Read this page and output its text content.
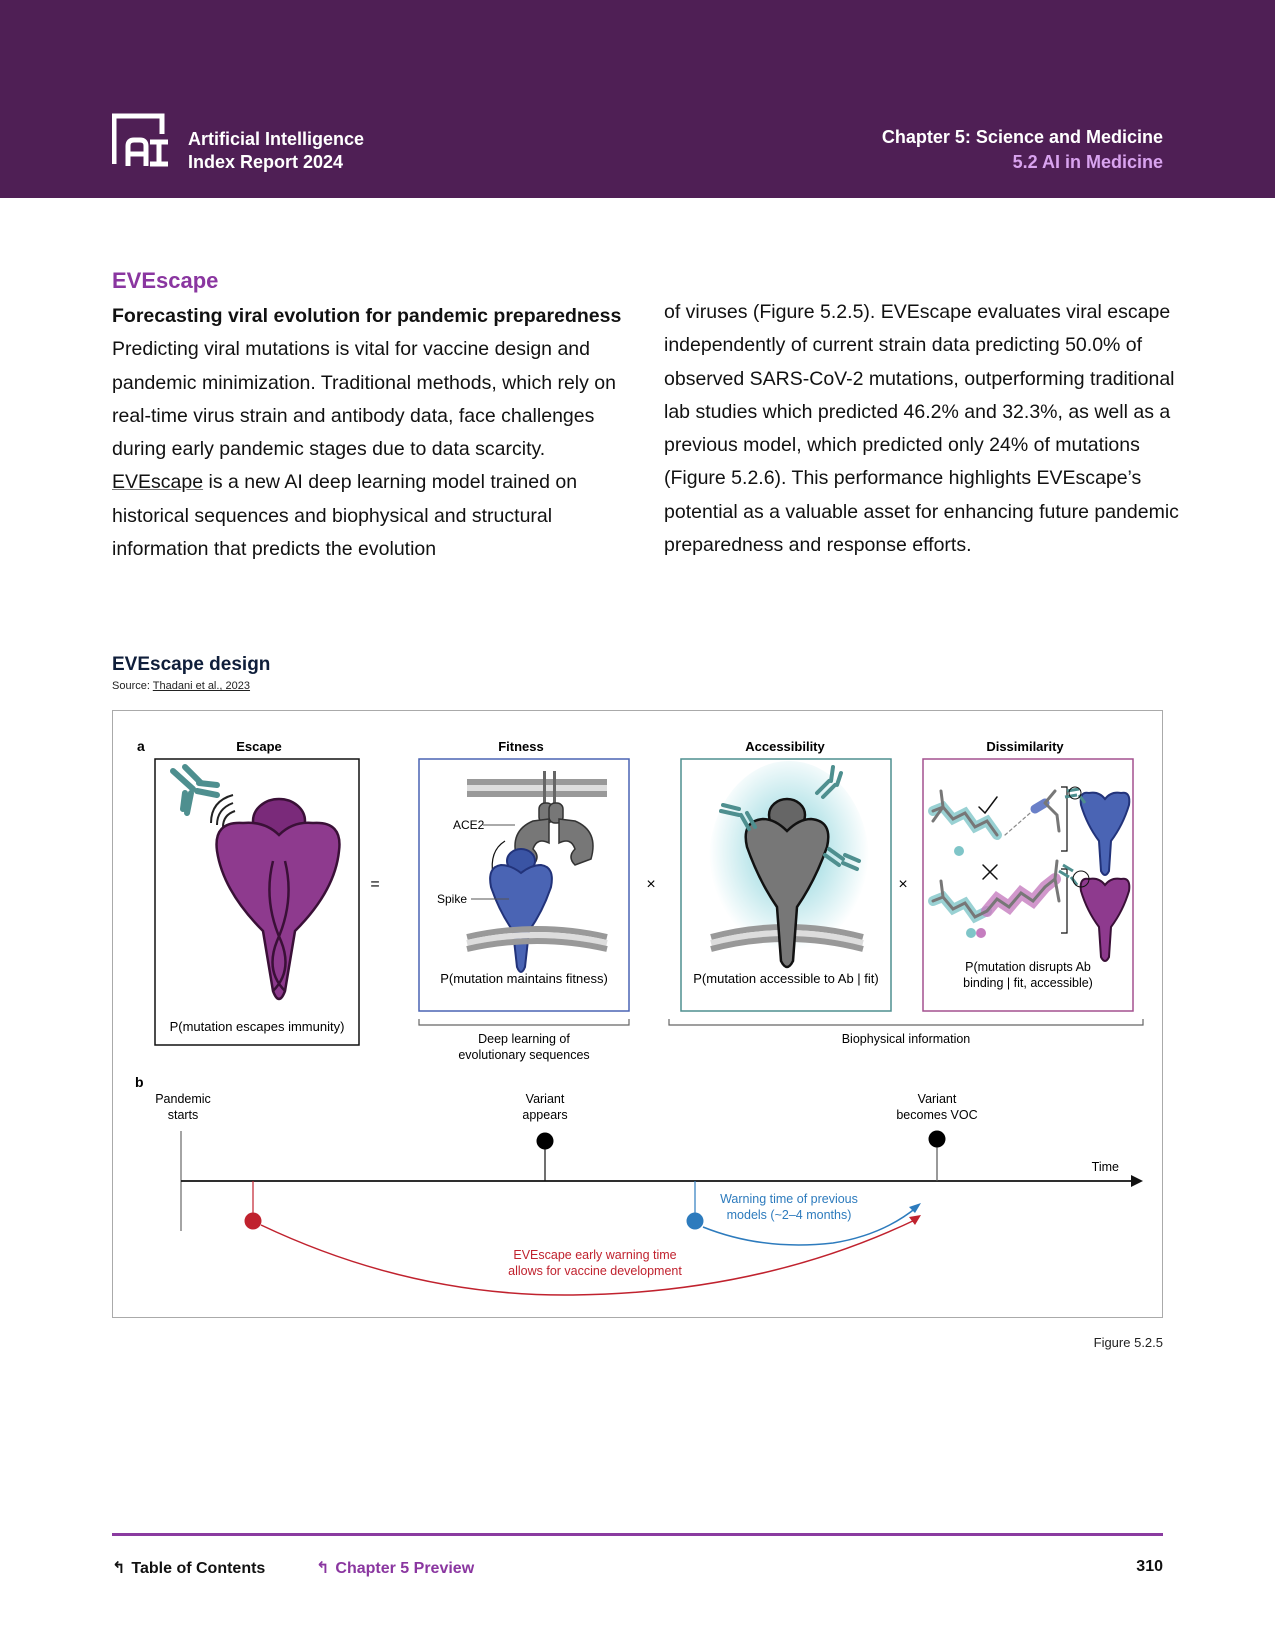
Artificial Intelligence
Index Report 2024
Chapter 5: Science and Medicine
5.2 AI in Medicine
EVEscape
Forecasting viral evolution for pandemic preparedness
Predicting viral mutations is vital for vaccine design and pandemic minimization. Traditional methods, which rely on real-time virus strain and antibody data, face challenges during early pandemic stages due to data scarcity. EVEscape is a new AI deep learning model trained on historical sequences and biophysical and structural information that predicts the evolution
of viruses (Figure 5.2.5). EVEscape evaluates viral escape independently of current strain data predicting 50.0% of observed SARS-CoV-2 mutations, outperforming traditional lab studies which predicted 46.2% and 32.3%, as well as a previous model, which predicted only 24% of mutations (Figure 5.2.6). This performance highlights EVEscape’s potential as a valuable asset for enhancing future pandemic preparedness and response efforts.
EVEscape design
Source: Thadani et al., 2023
a	Escape	Fitness	Accessibility	Dissimilarity
P(mutation escapes immunity)
=
ACE2
Spike
P(mutation maintains fitness)
×
P(mutation accessible to Ab | fit)
×
P(mutation disrupts Ab
binding | fit, accessible)
Deep learning of
evolutionary sequences
Biophysical information
b
Pandemic
starts
Time
Variant
appears
Variant
becomes VOC
EVEscape early warning time
allows for vaccine development
Warning time of previous
models (~2–4 months)
Figure 5.2.5
↰ Table of Contents	↰ Chapter 5 Preview	310
